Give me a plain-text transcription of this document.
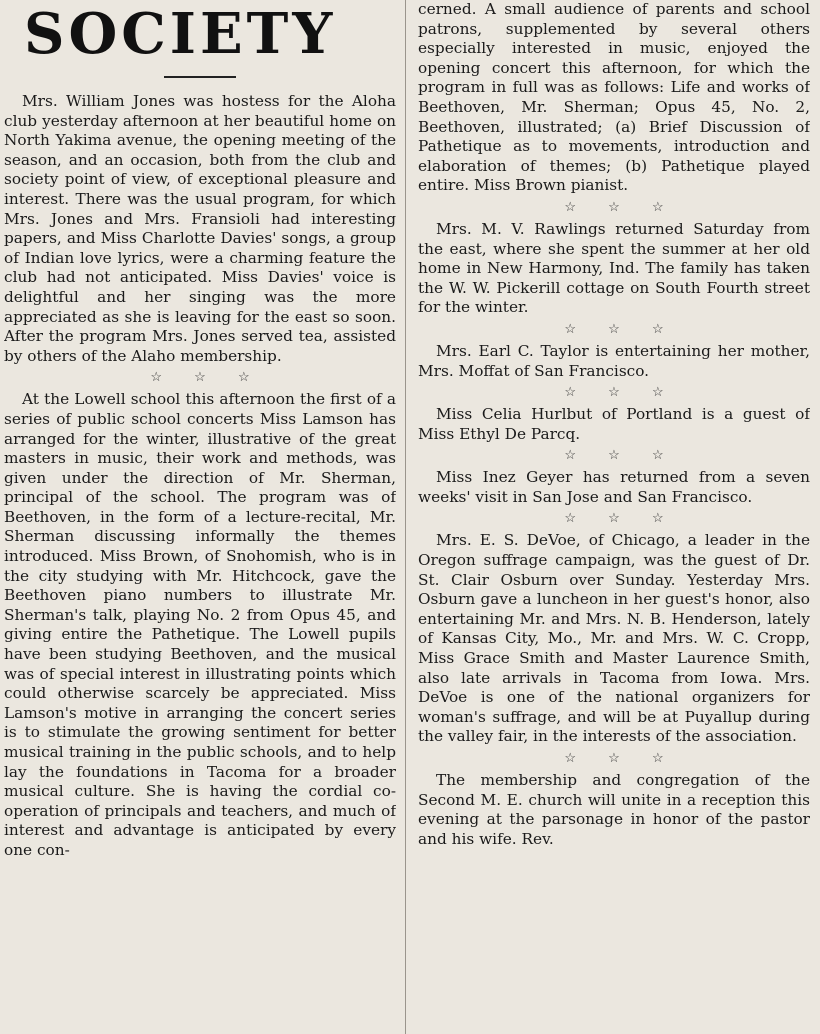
SOCIETY

Mrs. William Jones was hostess for the Aloha club yesterday afternoon at her beautiful home on North Yakima avenue, the opening meeting of the season, and an occasion, both from the club and society point of view, of exceptional pleasure and interest. There was the usual program, for which Mrs. Jones and Mrs. Fransioli had interesting papers, and Miss Charlotte Davies' songs, a group of Indian love lyrics, were a charming feature the club had not anticipated. Miss Davies' voice is delightful and her singing was the more appreciated as she is leaving for the east so soon. After the program Mrs. Jones served tea, assisted by others of the Alaho membership.

☆ ☆ ☆

At the Lowell school this afternoon the first of a series of public school concerts Miss Lamson has arranged for the winter, illustrative of the great masters in music, their work and methods, was given under the direction of Mr. Sherman, principal of the school. The program was of Beethoven, in the form of a lecture-recital, Mr. Sherman discussing informally the themes introduced. Miss Brown, of Snohomish, who is in the city studying with Mr. Hitchcock, gave the Beethoven piano numbers to illustrate Mr. Sherman's talk, playing No. 2 from Opus 45, and giving entire the Pathetique. The Lowell pupils have been studying Beethoven, and the musical was of special interest in illustrating points which could otherwise scarcely be appreciated. Miss Lamson's motive in arranging the concert series is to stimulate the growing sentiment for better musical training in the public schools, and to help lay the foundations in Tacoma for a broader musical culture. She is having the cordial co-operation of principals and teachers, and much of interest and advantage is anticipated by every one con-

cerned. A small audience of parents and school patrons, supplemented by several others especially interested in music, enjoyed the opening concert this afternoon, for which the program in full was as follows: Life and works of Beethoven, Mr. Sherman; Opus 45, No. 2, Beethoven, illustrated; (a) Brief Discussion of Pathetique as to movements, introduction and elaboration of themes; (b) Pathetique played entire. Miss Brown pianist.

☆ ☆ ☆

Mrs. M. V. Rawlings returned Saturday from the east, where she spent the summer at her old home in New Harmony, Ind. The family has taken the W. W. Pickerill cottage on South Fourth street for the winter.

☆ ☆ ☆

Mrs. Earl C. Taylor is entertaining her mother, Mrs. Moffat of San Francisco.

☆ ☆ ☆

Miss Celia Hurlbut of Portland is a guest of Miss Ethyl De Parcq.

☆ ☆ ☆

Miss Inez Geyer has returned from a seven weeks' visit in San Jose and San Francisco.

☆ ☆ ☆

Mrs. E. S. DeVoe, of Chicago, a leader in the Oregon suffrage campaign, was the guest of Dr. St. Clair Osburn over Sunday. Yesterday Mrs. Osburn gave a luncheon in her guest's honor, also entertaining Mr. and Mrs. N. B. Henderson, lately of Kansas City, Mo., Mr. and Mrs. W. C. Cropp, Miss Grace Smith and Master Laurence Smith, also late arrivals in Tacoma from Iowa. Mrs. DeVoe is one of the national organizers for woman's suffrage, and will be at Puyallup during the valley fair, in the interests of the association.

☆ ☆ ☆

The membership and congregation of the Second M. E. church will unite in a reception this evening at the parsonage in honor of the pastor and his wife. Rev.
